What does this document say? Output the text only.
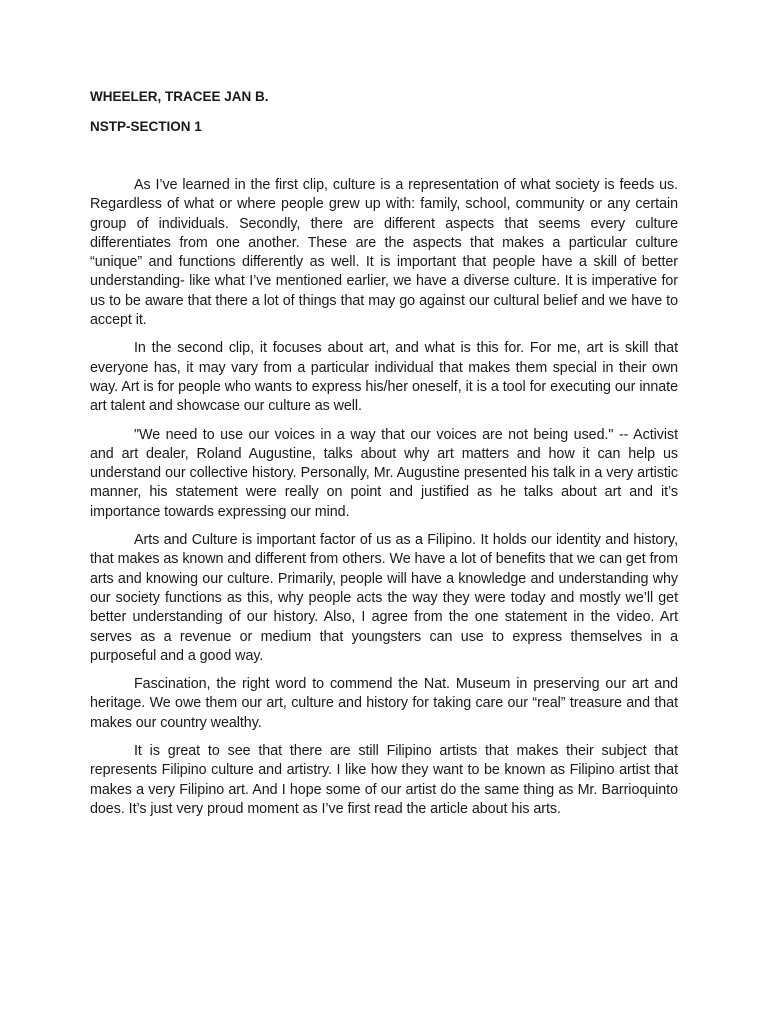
WHEELER, TRACEE JAN B.

NSTP-SECTION 1

As I’ve learned in the first clip, culture is a representation of what society is feeds us. Regardless of what or where people grew up with: family, school, community or any certain group of individuals. Secondly, there are different aspects that seems every culture differentiates from one another. These are the aspects that makes a particular culture “unique” and functions differently as well. It is important that people have a skill of better understanding- like what I’ve mentioned earlier, we have a diverse culture. It is imperative for us to be aware that there a lot of things that may go against our cultural belief and we have to accept it.

In the second clip, it focuses about art, and what is this for. For me, art is skill that everyone has, it may vary from a particular individual that makes them special in their own way. Art is for people who wants to express his/her oneself, it is a tool for executing our innate art talent and showcase our culture as well.

"We need to use our voices in a way that our voices are not being used." -- Activist and art dealer, Roland Augustine, talks about why art matters and how it can help us understand our collective history. Personally, Mr. Augustine presented his talk in a very artistic manner, his statement were really on point and justified as he talks about art and it’s importance towards expressing our mind.

Arts and Culture is important factor of us as a Filipino. It holds our identity and history, that makes as known and different from others. We have a lot of benefits that we can get from arts and knowing our culture. Primarily, people will have a knowledge and understanding why our society functions as this, why people acts the way they were today and mostly we’ll get better understanding of our history. Also, I agree from the one statement in the video. Art serves as a revenue or medium that youngsters can use to express themselves in a purposeful and a good way.

Fascination, the right word to commend the Nat. Museum in preserving our art and heritage. We owe them our art, culture and history for taking care our “real” treasure and that makes our country wealthy.

It is great to see that there are still Filipino artists that makes their subject that represents Filipino culture and artistry. I like how they want to be known as Filipino artist that makes a very Filipino art. And I hope some of our artist do the same thing as Mr. Barrioquinto does. It’s just very proud moment as I’ve first read the article about his arts.
